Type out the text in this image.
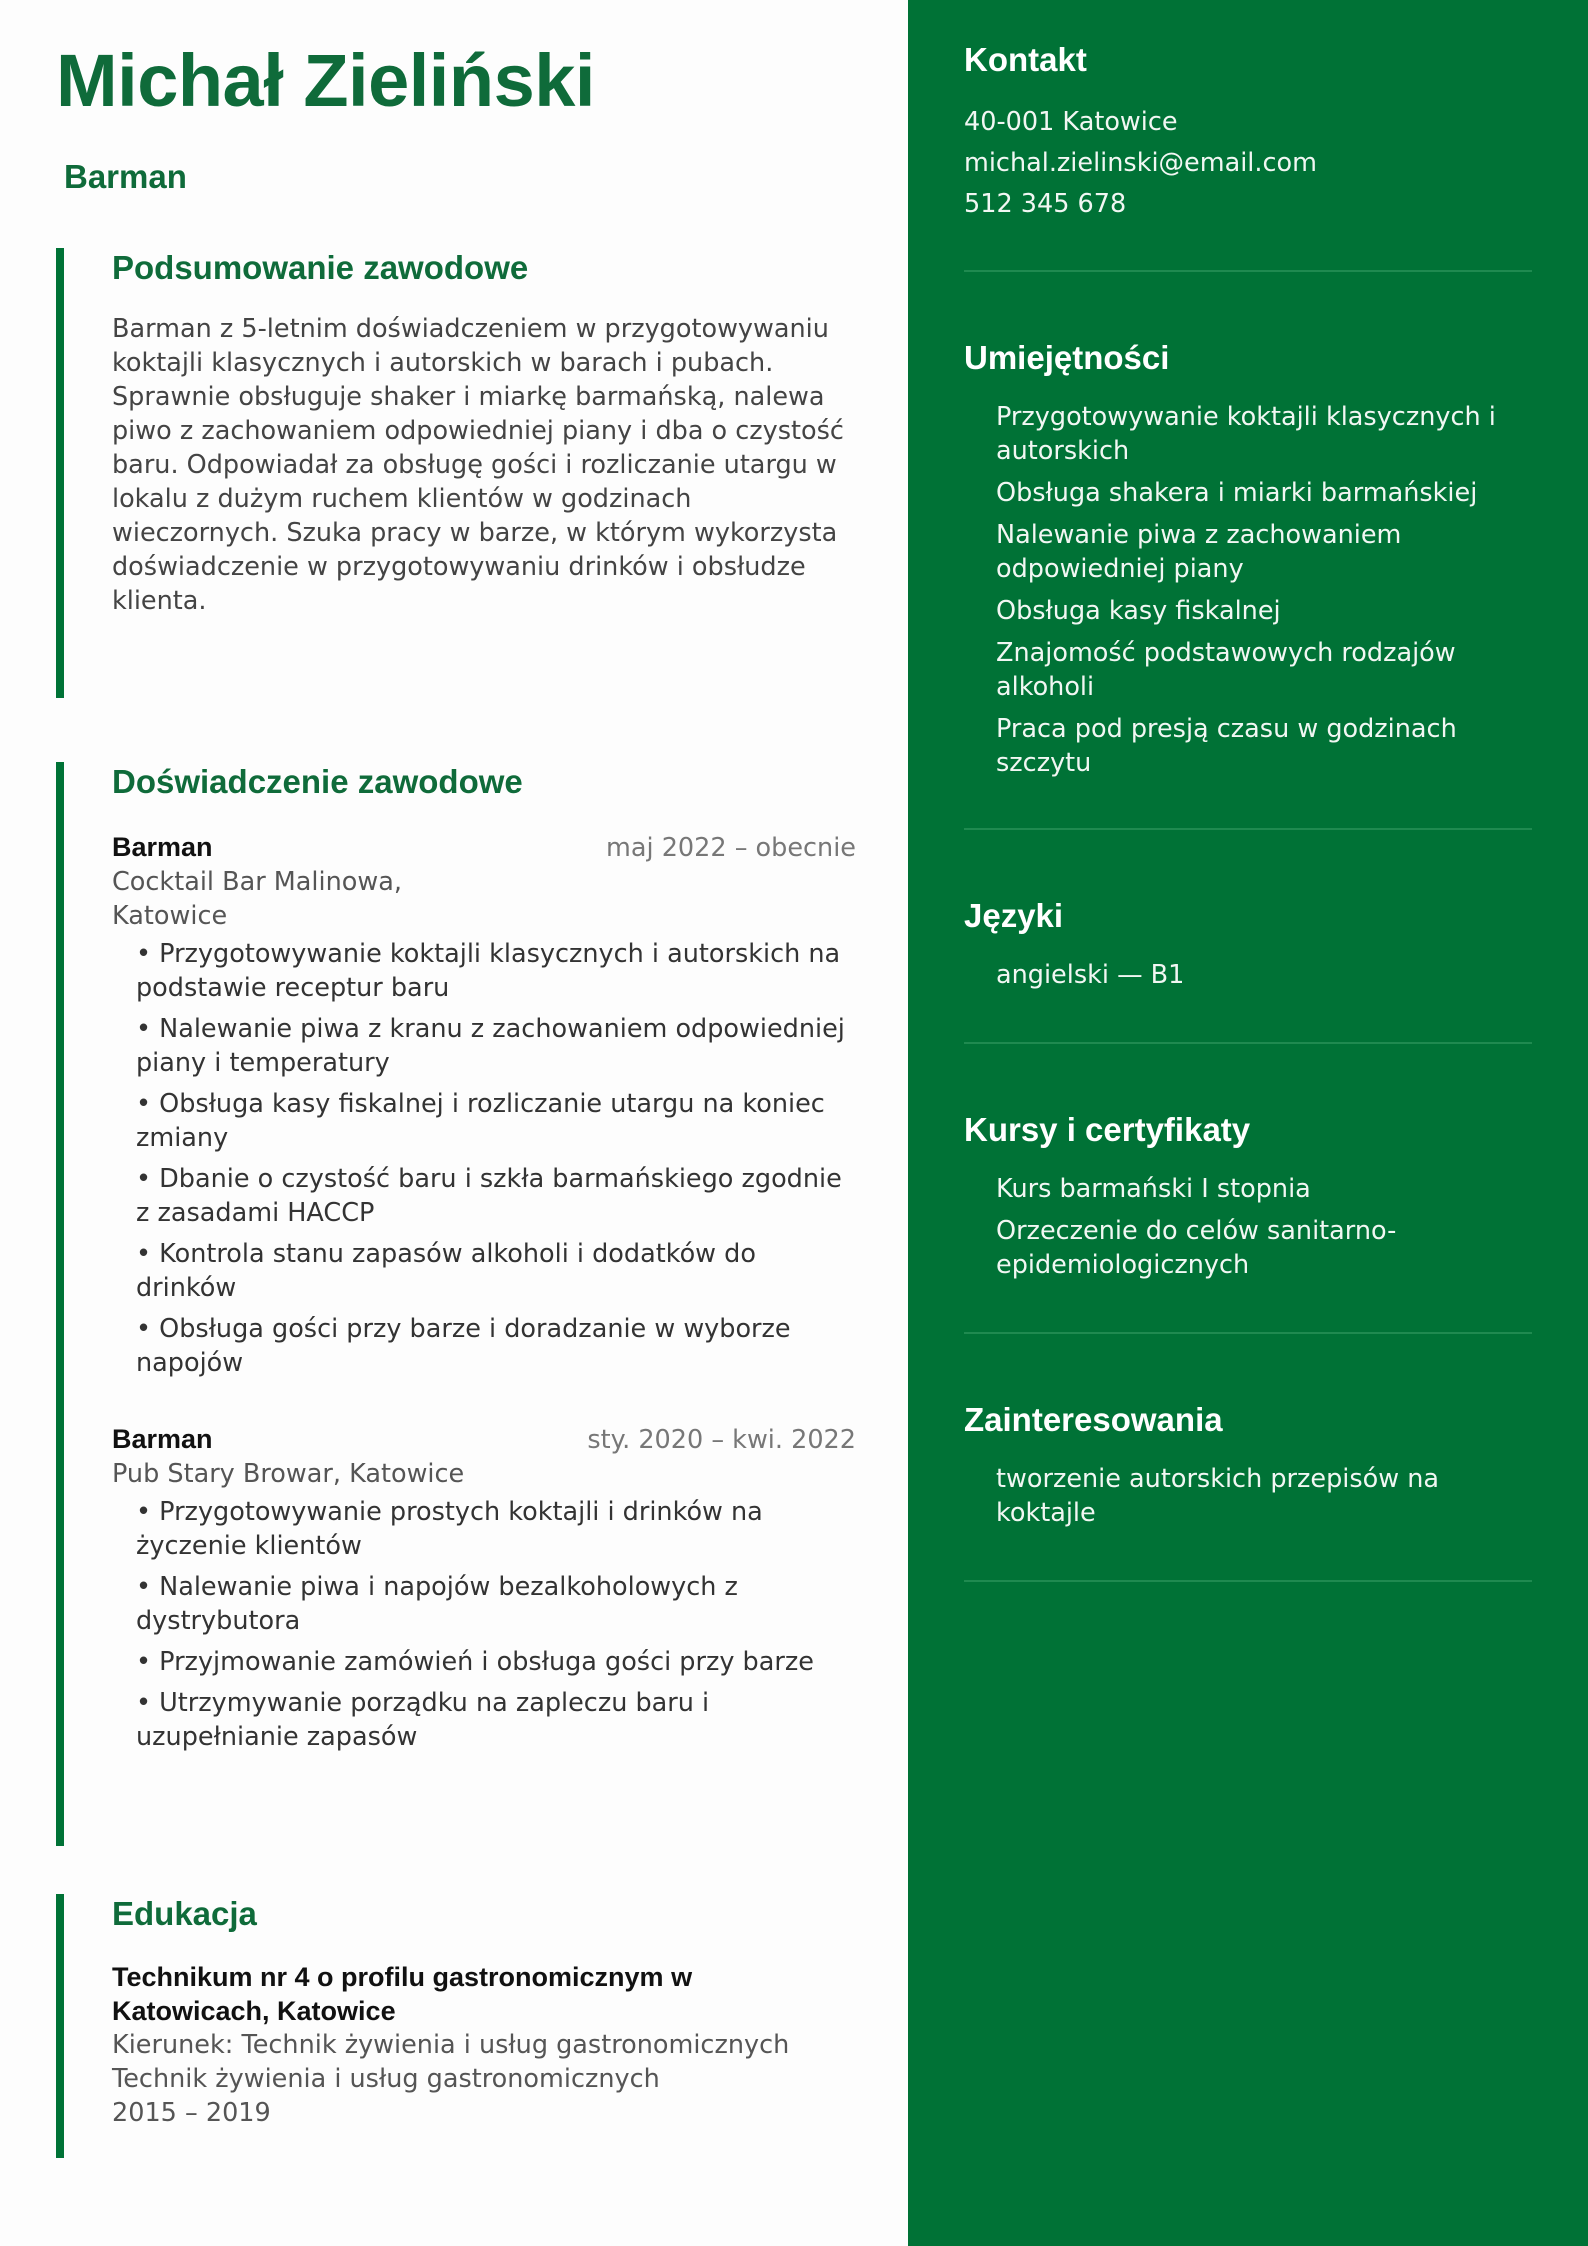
Michał Zieliński
Barman
Podsumowanie zawodowe

Barman z 5-letnim doświadczeniem w przygotowywaniu koktajli klasycznych i autorskich w barach i pubach. Sprawnie obsługuje shaker i miarkę barmańską, nalewa piwo z zachowaniem odpowiedniej piany i dba o czystość baru. Odpowiadał za obsługę gości i rozliczanie utargu w lokalu z dużym ruchem klientów w godzinach wieczornych. Szuka pracy w barze, w którym wykorzysta doświadczenie w przygotowywaniu drinków i obsłudze klienta.

Doświadczenie zawodowe
Barman	maj 2022 – obecnie
Cocktail Bar Malinowa,
Katowice
• Przygotowywanie koktajli klasycznych i autorskich na podstawie receptur baru
• Nalewanie piwa z kranu z zachowaniem odpowiedniej piany i temperatury
• Obsługa kasy fiskalnej i rozliczanie utargu na koniec zmiany
• Dbanie o czystość baru i szkła barmańskiego zgodnie z zasadami HACCP
• Kontrola stanu zapasów alkoholi i dodatków do drinków
• Obsługa gości przy barze i doradzanie w wyborze napojów
Barman	sty. 2020 – kwi. 2022
Pub Stary Browar, Katowice
• Przygotowywanie prostych koktajli i drinków na życzenie klientów
• Nalewanie piwa i napojów bezalkoholowych z dystrybutora
• Przyjmowanie zamówień i obsługa gości przy barze
• Utrzymywanie porządku na zapleczu baru i uzupełnianie zapasów
Edukacja
Technikum nr 4 o profilu gastronomicznym w Katowicach, Katowice
Kierunek: Technik żywienia i usług gastronomicznych
Technik żywienia i usług gastronomicznych
2015 – 2019
Kontakt
40-001 Katowice
michal.zielinski@email.com
512 345 678
Umiejętności
Przygotowywanie koktajli klasycznych i autorskich
Obsługa shakera i miarki barmańskiej
Nalewanie piwa z zachowaniem odpowiedniej piany
Obsługa kasy fiskalnej
Znajomość podstawowych rodzajów alkoholi
Praca pod presją czasu w godzinach szczytu
Języki
angielski — B1
Kursy i certyfikaty
Kurs barmański I stopnia
Orzeczenie do celów sanitarno-epidemiologicznych
Zainteresowania
tworzenie autorskich przepisów na koktajle
